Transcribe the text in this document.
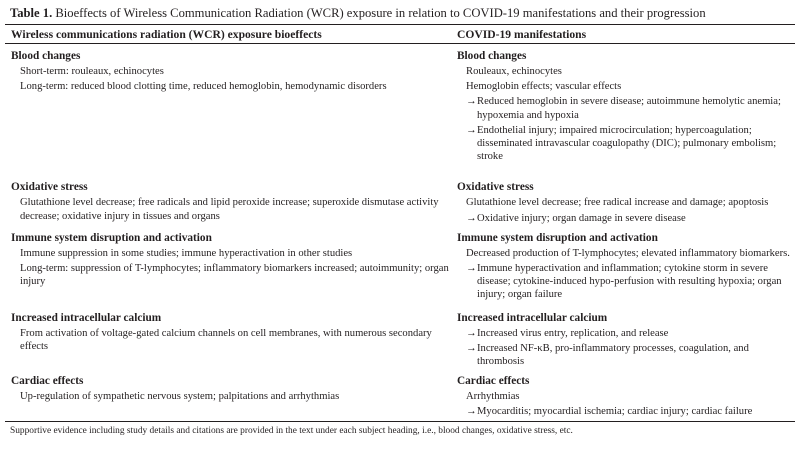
Table 1. Bioeffects of Wireless Communication Radiation (WCR) exposure in relation to COVID-19 manifestations and their progression
Wireless communications radiation (WCR) exposure bioeffects	COVID-19 manifestations
Blood changes
Short-term: rouleaux, echinocytes
Long-term: reduced blood clotting time, reduced hemoglobin, hemodynamic disorders
Blood changes
Rouleaux, echinocytes
Hemoglobin effects; vascular effects
→Reduced hemoglobin in severe disease; autoimmune hemolytic anemia; hypoxemia and hypoxia
→Endothelial injury; impaired microcirculation; hypercoagulation; disseminated intravascular coagulopathy (DIC); pulmonary embolism; stroke
Oxidative stress
Glutathione level decrease; free radicals and lipid peroxide increase; superoxide dismutase activity decrease; oxidative injury in tissues and organs
Oxidative stress
Glutathione level decrease; free radical increase and damage; apoptosis
→Oxidative injury; organ damage in severe disease
Immune system disruption and activation
Immune suppression in some studies; immune hyperactivation in other studies
Long-term: suppression of T-lymphocytes; inflammatory biomarkers increased; autoimmunity; organ injury
Immune system disruption and activation
Decreased production of T-lymphocytes; elevated inflammatory biomarkers.
→Immune hyperactivation and inflammation; cytokine storm in severe disease; cytokine-induced hypo-perfusion with resulting hypoxia; organ injury; organ failure
Increased intracellular calcium
From activation of voltage-gated calcium channels on cell membranes, with numerous secondary effects
Increased intracellular calcium
→Increased virus entry, replication, and release
→Increased NF-κB, pro-inflammatory processes, coagulation, and thrombosis
Cardiac effects
Up-regulation of sympathetic nervous system; palpitations and arrhythmias
Cardiac effects
Arrhythmias
→Myocarditis; myocardial ischemia; cardiac injury; cardiac failure
Supportive evidence including study details and citations are provided in the text under each subject heading, i.e., blood changes, oxidative stress, etc.
